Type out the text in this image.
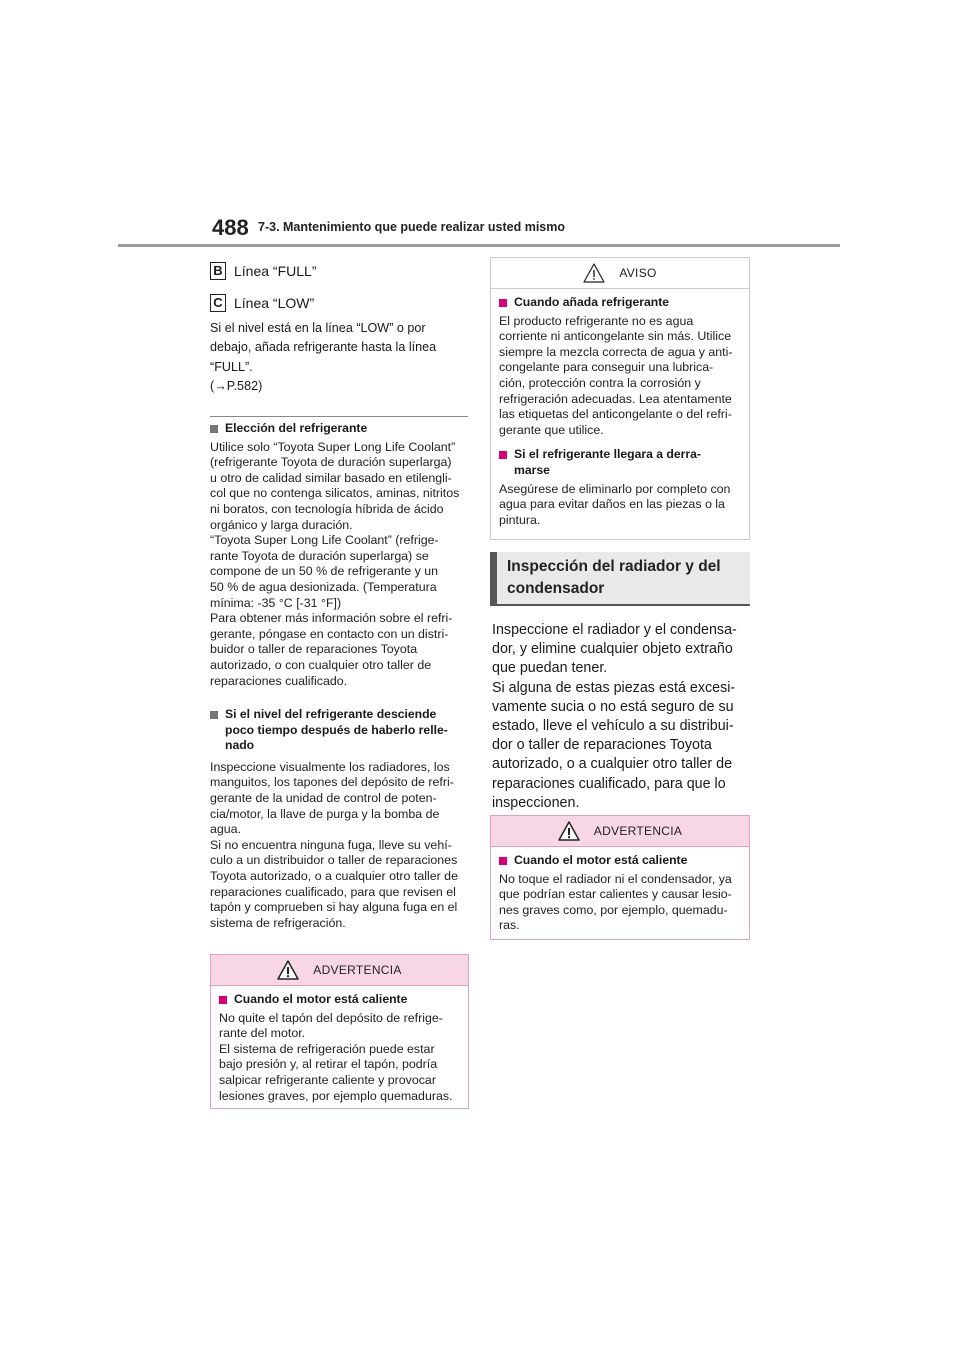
488 7-3. Mantenimiento que puede realizar usted mismo
B Línea “FULL”
C Línea “LOW”
Si el nivel está en la línea “LOW” o por
debajo, añada refrigerante hasta la línea
“FULL”.
(→P.582)
Elección del refrigerante
Utilice solo “Toyota Super Long Life Coolant”
(refrigerante Toyota de duración superlarga)
u otro de calidad similar basado en etilengli-
col que no contenga silicatos, aminas, nitritos
ni boratos, con tecnología híbrida de ácido
orgánico y larga duración.
“Toyota Super Long Life Coolant” (refrige-
rante Toyota de duración superlarga) se
compone de un 50 % de refrigerante y un
50 % de agua desionizada. (Temperatura
mínima: -35 °C [-31 °F])
Para obtener más información sobre el refri-
gerante, póngase en contacto con un distri-
buidor o taller de reparaciones Toyota
autorizado, o con cualquier otro taller de
reparaciones cualificado.
Si el nivel del refrigerante desciende
poco tiempo después de haberlo relle-
nado
Inspeccione visualmente los radiadores, los
manguitos, los tapones del depósito de refri-
gerante de la unidad de control de poten-
cia/motor, la llave de purga y la bomba de
agua.
Si no encuentra ninguna fuga, lleve su vehí-
culo a un distribuidor o taller de reparaciones
Toyota autorizado, o a cualquier otro taller de
reparaciones cualificado, para que revisen el
tapón y comprueben si hay alguna fuga en el
sistema de refrigeración.
ADVERTENCIA
Cuando el motor está caliente
No quite el tapón del depósito de refrige-
rante del motor.
El sistema de refrigeración puede estar
bajo presión y, al retirar el tapón, podría
salpicar refrigerante caliente y provocar
lesiones graves, por ejemplo quemaduras.
AVISO
Cuando añada refrigerante
El producto refrigerante no es agua
corriente ni anticongelante sin más. Utilice
siempre la mezcla correcta de agua y anti-
congelante para conseguir una lubrica-
ción, protección contra la corrosión y
refrigeración adecuadas. Lea atentamente
las etiquetas del anticongelante o del refri-
gerante que utilice.
Si el refrigerante llegara a derra-
marse
Asegúrese de eliminarlo por completo con
agua para evitar daños en las piezas o la
pintura.
Inspección del radiador y del
condensador
Inspeccione el radiador y el condensa-
dor, y elimine cualquier objeto extraño
que puedan tener.
Si alguna de estas piezas está excesi-
vamente sucia o no está seguro de su
estado, lleve el vehículo a su distribui-
dor o taller de reparaciones Toyota
autorizado, o a cualquier otro taller de
reparaciones cualificado, para que lo
inspeccionen.
ADVERTENCIA
Cuando el motor está caliente
No toque el radiador ni el condensador, ya
que podrían estar calientes y causar lesio-
nes graves como, por ejemplo, quemadu-
ras.
